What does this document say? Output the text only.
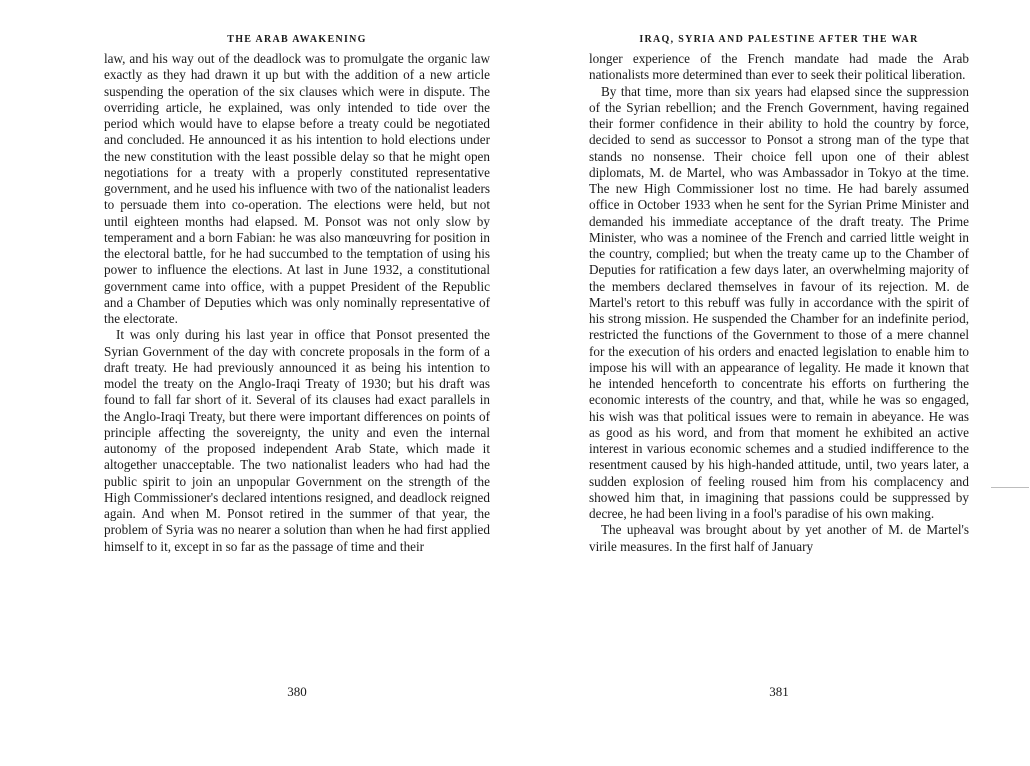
THE ARAB AWAKENING

law, and his way out of the deadlock was to promulgate the organic law exactly as they had drawn it up but with the addition of a new article suspending the operation of the six clauses which were in dispute. The overriding article, he explained, was only intended to tide over the period which would have to elapse before a treaty could be negotiated and concluded. He announced it as his intention to hold elections under the new constitution with the least possible delay so that he might open negotiations for a treaty with a properly constituted representative government, and he used his influence with two of the nationalist leaders to persuade them into co-operation. The elections were held, but not until eighteen months had elapsed. M. Ponsot was not only slow by temperament and a born Fabian: he was also manœuvring for position in the electoral battle, for he had succumbed to the temptation of using his power to influence the elections. At last in June 1932, a constitutional government came into office, with a puppet President of the Republic and a Chamber of Deputies which was only nominally representative of the electorate.

It was only during his last year in office that Ponsot presented the Syrian Government of the day with concrete proposals in the form of a draft treaty. He had previously announced it as being his intention to model the treaty on the Anglo-Iraqi Treaty of 1930; but his draft was found to fall far short of it. Several of its clauses had exact parallels in the Anglo-Iraqi Treaty, but there were important differences on points of principle affecting the sovereignty, the unity and even the internal autonomy of the proposed independent Arab State, which made it altogether unacceptable. The two nationalist leaders who had had the public spirit to join an unpopular Government on the strength of the High Commissioner's declared intentions resigned, and deadlock reigned again. And when M. Ponsot retired in the summer of that year, the problem of Syria was no nearer a solution than when he had first applied himself to it, except in so far as the passage of time and their

380
IRAQ, SYRIA AND PALESTINE AFTER THE WAR

longer experience of the French mandate had made the Arab nationalists more determined than ever to seek their political liberation.

By that time, more than six years had elapsed since the suppression of the Syrian rebellion; and the French Government, having regained their former confidence in their ability to hold the country by force, decided to send as successor to Ponsot a strong man of the type that stands no nonsense. Their choice fell upon one of their ablest diplomats, M. de Martel, who was Ambassador in Tokyo at the time. The new High Commissioner lost no time. He had barely assumed office in October 1933 when he sent for the Syrian Prime Minister and demanded his immediate acceptance of the draft treaty. The Prime Minister, who was a nominee of the French and carried little weight in the country, complied; but when the treaty came up to the Chamber of Deputies for ratification a few days later, an overwhelming majority of the members declared themselves in favour of its rejection. M. de Martel's retort to this rebuff was fully in accordance with the spirit of his strong mission. He suspended the Chamber for an indefinite period, restricted the functions of the Government to those of a mere channel for the execution of his orders and enacted legislation to enable him to impose his will with an appearance of legality. He made it known that he intended henceforth to concentrate his efforts on furthering the economic interests of the country, and that, while he was so engaged, his wish was that political issues were to remain in abeyance. He was as good as his word, and from that moment he exhibited an active interest in various economic schemes and a studied indifference to the resentment caused by his high-handed attitude, until, two years later, a sudden explosion of feeling roused him from his complacency and showed him that, in imagining that passions could be suppressed by decree, he had been living in a fool's paradise of his own making.

The upheaval was brought about by yet another of M. de Martel's virile measures. In the first half of January

381
